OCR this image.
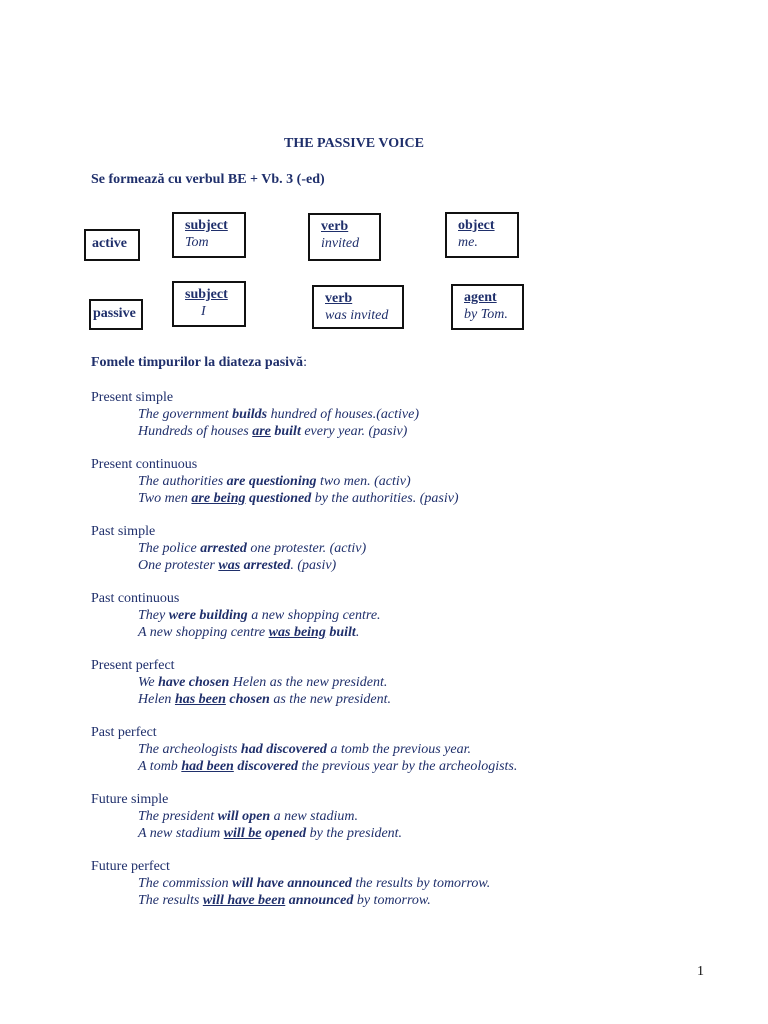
THE PASSIVE VOICE
Se formează cu verbul BE + Vb. 3 (-ed)
active
subject
Tom
verb
invited
object
me.
passive
subject
I
verb
was invited
agent
by Tom.
Fomele timpurilor la diateza pasivă:
Present simple
The government builds hundred of houses.(active)
Hundreds of houses are built every year. (pasiv)
Present continuous
The authorities are questioning two men. (activ)
Two men are being questioned by the authorities. (pasiv)
Past simple
The police arrested one protester. (activ)
One protester was arrested. (pasiv)
Past continuous
They were building a new shopping centre.
A new shopping centre was being built.
Present perfect
We have chosen Helen as the new president.
Helen has been chosen as the new president.
Past perfect
The archeologists had discovered a tomb the previous year.
A tomb had been discovered the previous year by the archeologists.
Future simple
The president will open a new stadium.
A new stadium will be opened by the president.
Future perfect
The commission will have announced the results by tomorrow.
The results will have been announced by tomorrow.
1
